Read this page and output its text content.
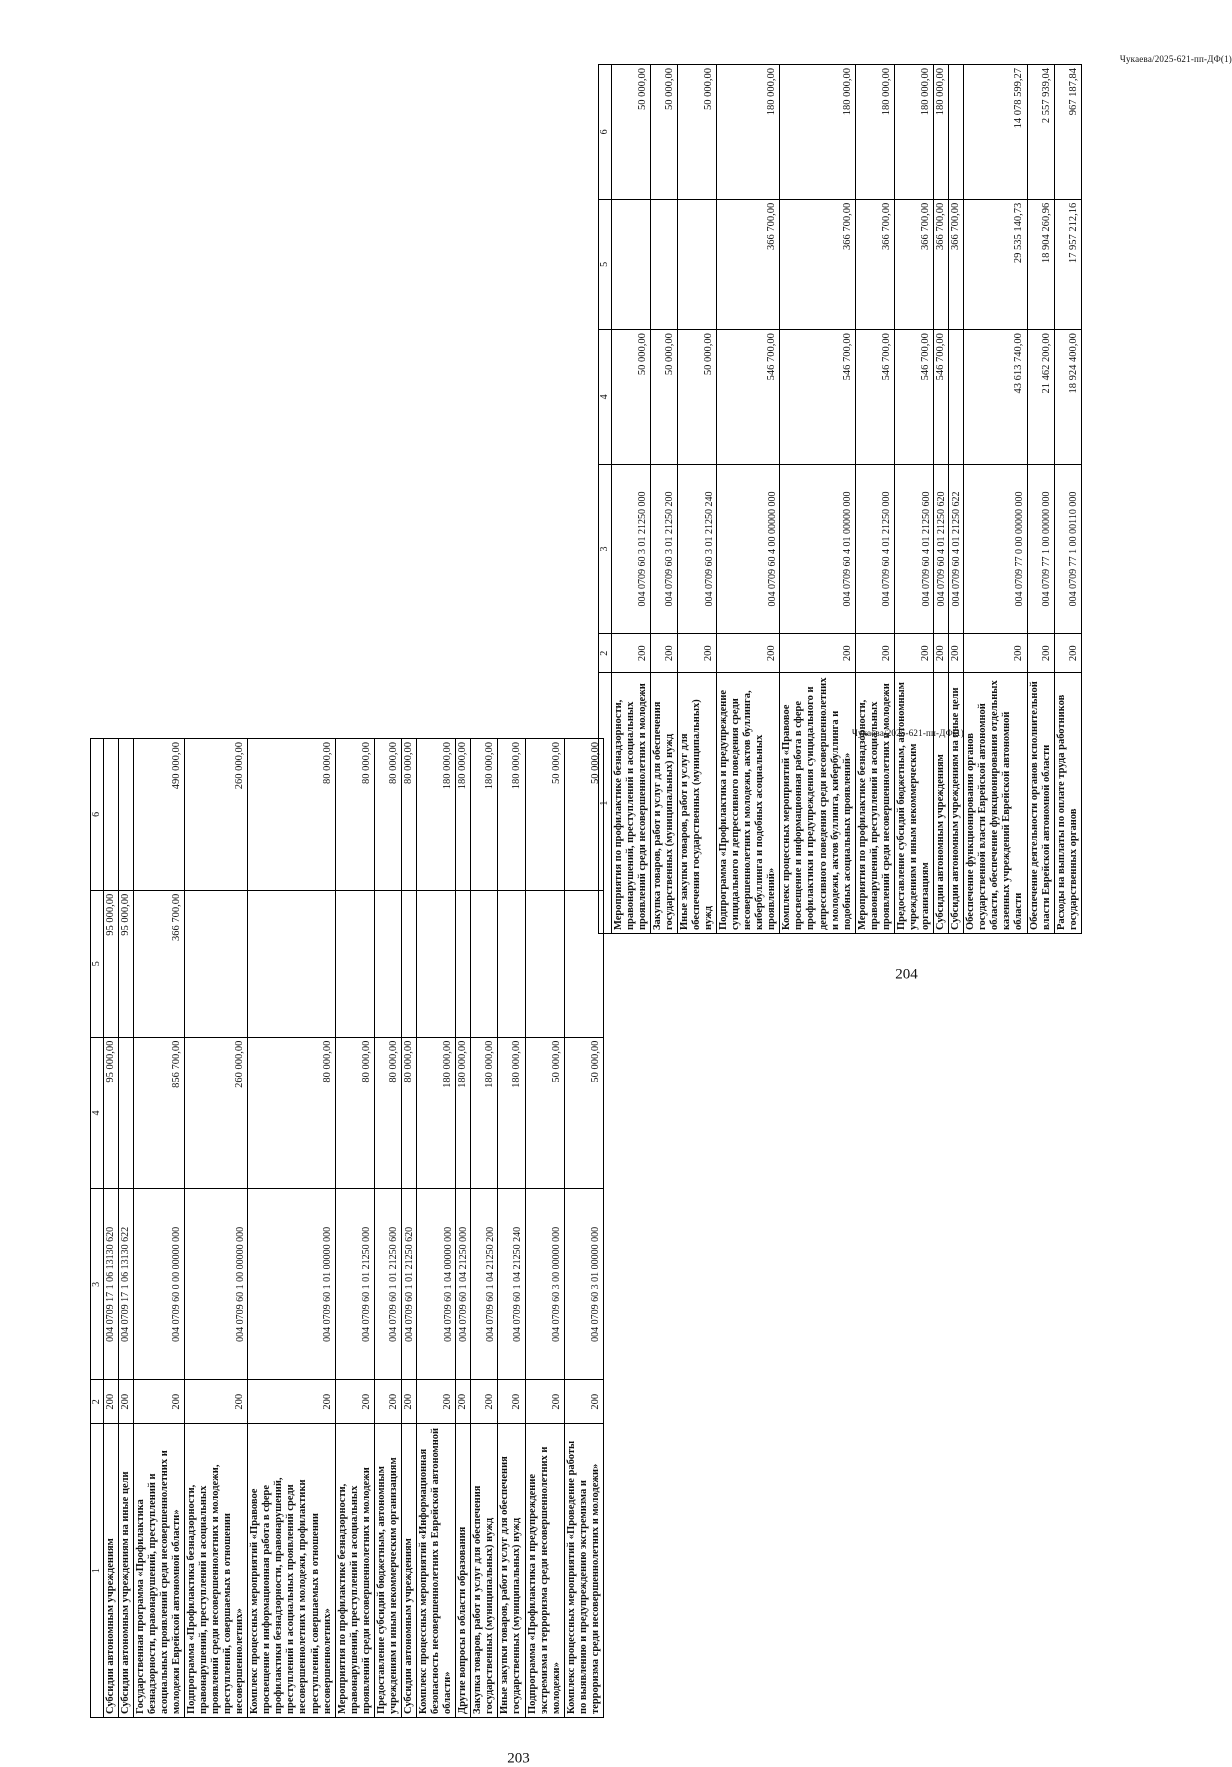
203
1	2	3	4	5	6
Субсидии автономным учреждениям	200	004 0709 17 1 06 13130 620	95 000,00	95 000,00	
Субсидии автономным учреждениям на иные цели	200	004 0709 17 1 06 13130 622		95 000,00	
Государственная программа «Профилактика безнадзорности, правонарушений, преступлений и асоциальных проявлений среди несовершеннолетних и молодежи Еврейской автономной области»	200	004 0709 60 0 00 00000 000	856 700,00	366 700,00	490 000,00
Подпрограмма «Профилактика безнадзорности, правонарушений, преступлений и асоциальных проявлений среди несовершеннолетних и молодежи, преступлений, совершаемых в отношении несовершеннолетних»	200	004 0709 60 1 00 00000 000	260 000,00		260 000,00
Комплекс процессных мероприятий «Правовое просвещение и информационная работа в сфере профилактики безнадзорности, правонарушений, преступлений и асоциальных проявлений среди несовершеннолетних и молодежи, профилактики преступлений, совершаемых в отношении несовершеннолетних»	200	004 0709 60 1 01 00000 000	80 000,00		80 000,00
Мероприятия по профилактике безнадзорности, правонарушений, преступлений и асоциальных проявлений среди несовершеннолетних и молодежи	200	004 0709 60 1 01 21250 000	80 000,00		80 000,00
Предоставление субсидий бюджетным, автономным учреждениям и иным некоммерческим организациям	200	004 0709 60 1 01 21250 600	80 000,00		80 000,00
Субсидии автономным учреждениям	200	004 0709 60 1 01 21250 620	80 000,00		80 000,00
Комплекс процессных мероприятий «Информационная безопасность несовершеннолетних в Еврейской автономной области»	200	004 0709 60 1 04 00000 000	180 000,00		180 000,00
Другие вопросы в области образования	200	004 0709 60 1 04 21250 000	180 000,00		180 000,00
Закупка товаров, работ и услуг для обеспечения государственных (муниципальных) нужд	200	004 0709 60 1 04 21250 200	180 000,00		180 000,00
Иные закупки товаров, работ и услуг для обеспечения государственных (муниципальных) нужд	200	004 0709 60 1 04 21250 240	180 000,00		180 000,00
Подпрограмма «Профилактика и предупреждение экстремизма и терроризма среди несовершеннолетних и молодежи»	200	004 0709 60 3 00 00000 000	50 000,00		50 000,00
Комплекс процессных мероприятий «Проведение работы по выявлению и предупреждению экстремизма и терроризма среди несовершеннолетних и молодежи»	200	004 0709 60 3 01 00000 000	50 000,00		50 000,00
Чукаева/2025-621-пп-ДФ(1)
204
1	2	3	4	5	6
Мероприятия по профилактике безнадзорности, правонарушений, преступлений и асоциальных проявлений среди несовершеннолетних и молодежи	200	004 0709 60 3 01 21250 000	50 000,00		50 000,00
Закупка товаров, работ и услуг для обеспечения государственных (муниципальных) нужд	200	004 0709 60 3 01 21250 200	50 000,00		50 000,00
Иные закупки товаров, работ и услуг для обеспечения государственных (муниципальных) нужд	200	004 0709 60 3 01 21250 240	50 000,00		50 000,00
Подпрограмма «Профилактика и предупреждение суицидального и депрессивного поведения среди несовершеннолетних и молодежи, актов буллинга, кибербуллинга и подобных асоциальных проявлений»	200	004 0709 60 4 00 00000 000	546 700,00	366 700,00	180 000,00
Комплекс процессных мероприятий «Правовое просвещение и информационная работа в сфере профилактики и предупреждения суицидального и депрессивного поведения среди несовершеннолетних и молодежи, актов буллинга, кибербуллинга и подобных асоциальных проявлений»	200	004 0709 60 4 01 00000 000	546 700,00	366 700,00	180 000,00
Мероприятия по профилактике безнадзорности, правонарушений, преступлений и асоциальных проявлений среди несовершеннолетних и молодежи	200	004 0709 60 4 01 21250 000	546 700,00	366 700,00	180 000,00
Предоставление субсидий бюджетным, автономным учреждениям и иным некоммерческим организациям	200	004 0709 60 4 01 21250 600	546 700,00	366 700,00	180 000,00
Субсидии автономным учреждениям	200	004 0709 60 4 01 21250 620	546 700,00	366 700,00	180 000,00
Субсидии автономным учреждениям на иные цели	200	004 0709 60 4 01 21250 622		366 700,00	
Обеспечение функционирования органов государственной власти Еврейской автономной области, обеспечение функционирования отдельных казенных учреждений Еврейской автономной области	200	004 0709 77 0 00 00000 000	43 613 740,00	29 535 140,73	14 078 599,27
Обеспечение деятельности органов исполнительной власти Еврейской автономной области	200	004 0709 77 1 00 00000 000	21 462 200,00	18 904 260,96	2 557 939,04
Расходы на выплаты по оплате труда работников государственных органов	200	004 0709 77 1 00 00110 000	18 924 400,00	17 957 212,16	967 187,84
Чукаева/2025-621-пп-ДФ(1)
